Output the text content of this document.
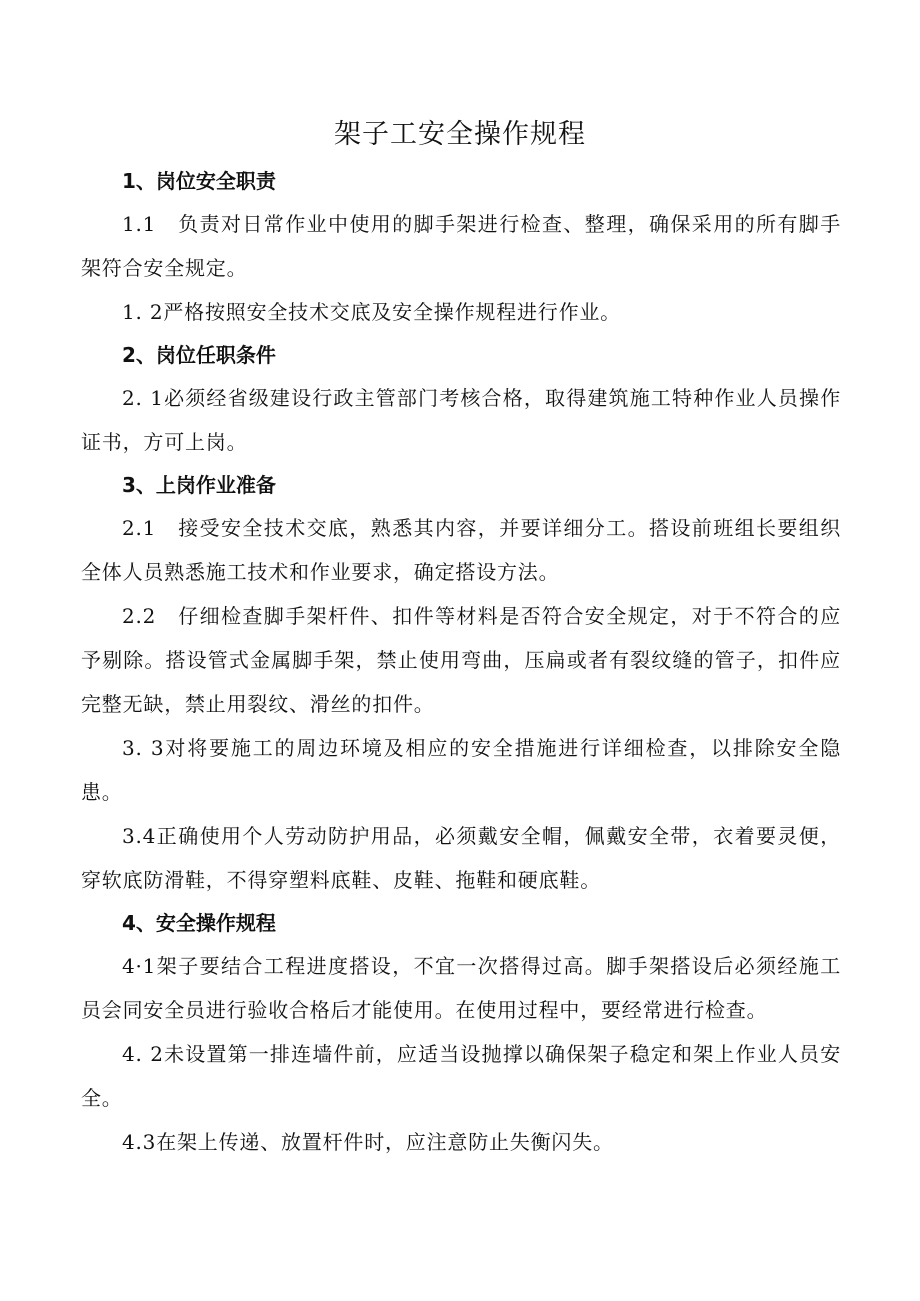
架子工安全操作规程

1、岗位安全职责

1.1　负责对日常作业中使用的脚手架进行检查、整理，确保采用的所有脚手架符合安全规定。

1. 2严格按照安全技术交底及安全操作规程进行作业。

2、岗位任职条件

2. 1必须经省级建设行政主管部门考核合格，取得建筑施工特种作业人员操作证书，方可上岗。

3、上岗作业准备

2.1　接受安全技术交底，熟悉其内容，并要详细分工。搭设前班组长要组织全体人员熟悉施工技术和作业要求，确定搭设方法。

2.2　仔细检查脚手架杆件、扣件等材料是否符合安全规定，对于不符合的应予剔除。搭设管式金属脚手架，禁止使用弯曲，压扁或者有裂纹缝的管子，扣件应完整无缺，禁止用裂纹、滑丝的扣件。

3. 3对将要施工的周边环境及相应的安全措施进行详细检查，以排除安全隐患。

3.4正确使用个人劳动防护用品，必须戴安全帽，佩戴安全带，衣着要灵便，穿软底防滑鞋，不得穿塑料底鞋、皮鞋、拖鞋和硬底鞋。

4、安全操作规程

4·1架子要结合工程进度搭设，不宜一次搭得过高。脚手架搭设后必须经施工员会同安全员进行验收合格后才能使用。在使用过程中，要经常进行检查。

4. 2未设置第一排连墙件前，应适当设抛撑以确保架子稳定和架上作业人员安全。

4.3在架上传递、放置杆件时，应注意防止失衡闪失。
